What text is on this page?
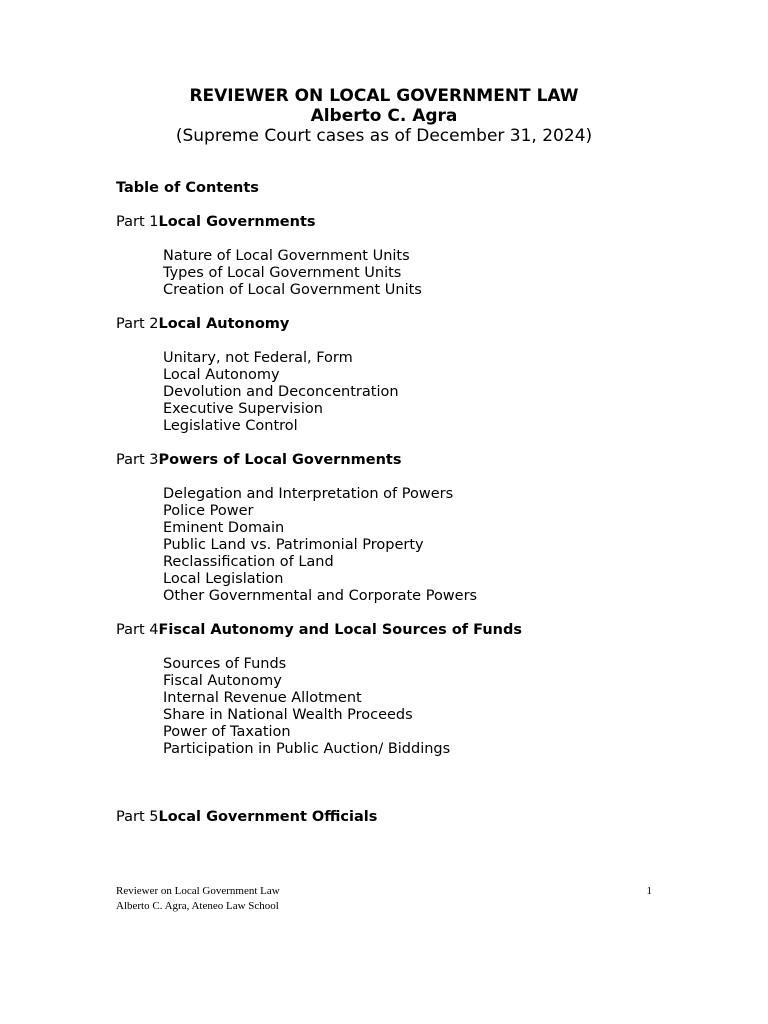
REVIEWER ON LOCAL GOVERNMENT LAW
Alberto C. Agra
(Supreme Court cases as of December 31, 2024)

Table of Contents

Part 1Local Governments
Nature of Local Government Units
Types of Local Government Units
Creation of Local Government Units
Part 2Local Autonomy
Unitary, not Federal, Form
Local Autonomy
Devolution and Deconcentration
Executive Supervision
Legislative Control
Part 3Powers of Local Governments
Delegation and Interpretation of Powers
Police Power
Eminent Domain
Public Land vs. Patrimonial Property
Reclassification of Land
Local Legislation
Other Governmental and Corporate Powers
Part 4Fiscal Autonomy and Local Sources of Funds
Sources of Funds
Fiscal Autonomy
Internal Revenue Allotment
Share in National Wealth Proceeds
Power of Taxation
Participation in Public Auction/ Biddings
Part 5Local Government Officials
Reviewer on Local Government Law	1
Alberto C. Agra, Ateneo Law School
